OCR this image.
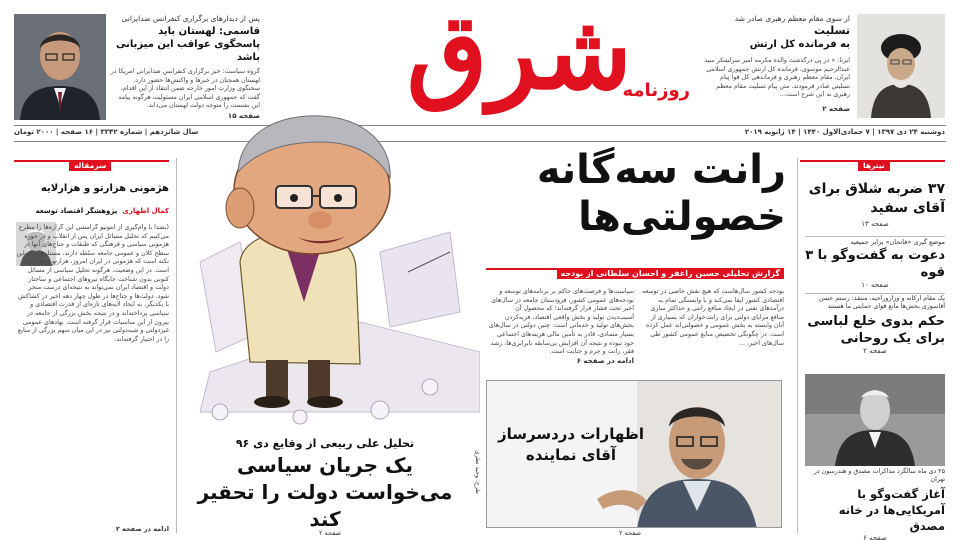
از سوی مقام معظم رهبری صادر شد
تسلیت
به فرمانده کل ارتش
ایرنا: « در پی درگذشت والده مکرمه امیر سرلشکر سید عبدالرحیم موسوی، فرمانده کل ارتش جمهوری اسلامی ایران، مقام معظم رهبری و فرماندهی کل قوا پیام تسلیتی صادر فرمودند. متن پیام تسلیت مقام معظم رهبری به این شرح است...
صفحه ۲
پس از دیدارهای برگزاری کنفرانس ضدایرانی
قاسمی: لهستان باید پاسخگوی عواقب این میزبانی باشد
گروه سیاست: خبر برگزاری کنفرانس ضدایرانی آمریکا در لهستان همچنان در خبرها و واکنش‌ها حضور دارد. سخنگوی وزارت امور خارجه ضمن انتقاد از این اقدام، گفت که جمهوری اسلامی ایران مسئولیت هرگونه پیامد این نشست را متوجه دولت لهستان می‌داند.
صفحه ۱۵
شرق
روزنامه
دوشنبه ۲۴ دی ۱۳۹۷ | ۷ جمادی‌الاول ۱۴۴۰ | ۱۴ ژانویه ۲۰۱۹
سال شانزدهم | شماره ۳۳۴۲ | ۱۶ صفحه | ۲۰۰۰ تومان
نیترها
۳۷ ضربه شلاق برای آقای سفید
صفحه ۱۳
موضع گیری «فاتحان» برابر جمیعیه
دعوت به گفت‌وگو با ۳ قوه
صفحه ۱۰
یک مقام ارکانه و وزارو‌راحیه، منتقد: رستم حسن آقاسوزی بخش‌ها مانع قوای حمایتی ما هستند
حکم بدوی خلع لباسی برای یک روحانی
صفحه ۲
۲۵ دی ماه سالگرد مذاکرات مصدق و هندرسون در تهران
آغاز گفت‌وگو با آمریکایی‌ها در خانه مصدق
صفحه ۶
رانت سه‌گانه
خصولتی‌ها
گزارش تحلیلی حسین راغفر و احسان سلطانی از بودجه
بودجه کشور سال‌هاست که هیچ نقش خاصی در توسعه اقتصادی کشور ایفا نمی‌کند و با وابستگی تمام به درآمدهای نفتی در ایجاد منافع رانتی و حداکثر سازی منافع مزایای دولتی برای رانت‌خواران که بسیاری از آنان وابسته به بخش عمومی و خصولتی‌اند عمل کرده است. در چگونگی تخصیص منابع عمومی کشور طی سال‌های اخیر، ...
سیاست‌ها و فرصت‌های حاکم بر برنامه‌های توسعه و بودجه‌های عمومی کشور، فرودستان جامعه در سال‌های اخیر تحت فشار قرار گرفته‌اند؛ که محصول آن آسیب‌دیدن تولید و بخش واقعی اقتصاد، فربه‌کردن بخش‌های تولید و خدماتی است. چنین دولتی در سال‌های بسیار متمادی، قادر به تأمین مالی هزینه‌های اجتماعی خود نبوده و نتیجه آن افزایش بی‌سابقه نابرابری‌ها، رشد فقر، رانت و جرم و جنایت است.
ادامه در صفحه ۶
اظهارات دردسرساز
آقای نماینده
صفحه ۲
تحلیل علی ربیعی از وقایع دی ۹۶
یک جریان سیاسی
می‌خواست دولت را تحقیر کند
طرح: وحید نظری
صفحه ۲
سرمقاله
هژمونی هزارتو و هزارلایه
کمال اطهاری پژوهشگر اقتصاد توسعه
(بشدا با وام‌گیری از آنتونیو گرامشی این گزاره‌ها را مطرح می‌کنیم که تحلیل مسائل ایران پس از انقلاب و در حوزه هژمونی سیاسی و فرهنگی که طبقات و جناح‌های آنها در سطح کلان و عمومی جامعه سلطه دارند، مستلزم درک این نکته است که هژمونی در ایران امروز، هزارتو و هزارلایه است. در این وضعیت، هرگونه تحلیل سیاسی از مسائل کنونی بدون شناخت جایگاه نیروهای اجتماعی و ساختار دولت و اقتصاد ایران نمی‌تواند به نتیجه‌ای درست منجر شود. دولت‌ها و جناح‌ها در طول چهار دهه اخیر در کشاکش با یکدیگر، به ایجاد لایه‌های تازه‌ای از قدرت اقتصادی و سیاسی پرداخته‌اند و در نتیجه بخش بزرگی از جامعه در بیرون از این مناسبات قرار گرفته است. نهادهای عمومی غیردولتی و شبه‌دولتی نیز در این میان سهم بزرگی از منابع را در اختیار گرفته‌اند.
ادامه در صفحه ۲
